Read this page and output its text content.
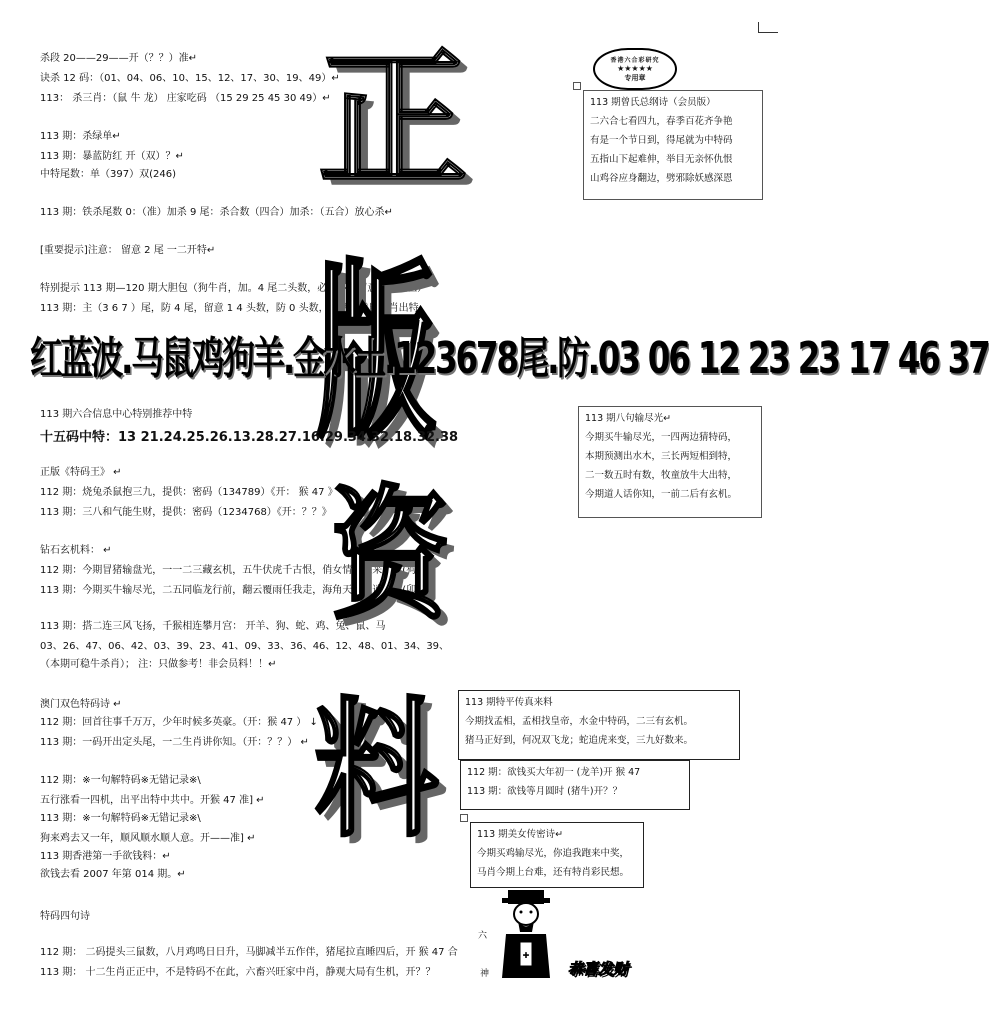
杀段 20——29——开（？？）准↵
诀杀 12 码：（01、04、06、10、15、12、17、30、19、49）↵
113： 杀三肖：（鼠 牛 龙） 庄家吃码 （15 29 25 45 30 49）↵
113 期：杀绿单↵
113 期：暴蓝防红 开（双）？↵
中特尾数：单（397）双(246)
113 期：铁杀尾数 0：（准）加杀 9 尾：杀合数（四合）加杀：（五合）放心杀↵
[重要提示]注意： 留意 2 尾 一二开特↵
特别提示 113 期—120 期大胆包（狗牛肖，加。4 尾二头数，必开多期留意六合数值）
113 期：主（3 6 7 ）尾，防 4 尾，留意 1 4 头数，防 0 头数，今期留意鼠牛肖出特
113 期六合信息中心特别推荐中特
正版《特码王》 ↵
112 期：烧兔杀鼠抱三九，提供：密码（134789）《开： 猴 47 》
113 期：三八和气能生财，提供：密码（1234768）《开：？？》
钻石玄机料： ↵
112 期：今期冒猪输盘光，一一二三藏玄机，五牛伏虎千古恨，俏女情猪怨来吗。(狗)↵
113 期：今期买牛输尽光，二五同临龙行前，翻云覆雨任我走，海角天涯由逍遥。(卯)
113 期：搭二连三风飞扬，千猴相连攀月宫： 开羊、狗、蛇、鸡、兔、鼠、马
03、26、47、06、42、03、39、23、41、09、33、36、46、12、48、01、34、39、
（本期可稳牛杀肖）； 注：只做参考！非会员料！！↵
澳门双色特码诗 ↵
112 期：回首往事千万万，少年时候多英豪。（开：猴 47 ） ↓
113 期：一码开出定头尾，一二生肖讲你知。（开：？？） ↵
112 期：※一句解特码※无错记录※\
五行涨看一四机，出平出特中共中。开猴 47 准] ↵
113 期：※一句解特码※无错记录※\
狗来鸡去又一年，顺风顺水顺人意。开——准] ↵
113 期香港第一手欲钱料：↵
欲钱去看 2007 年第 014 期。↵
特码四句诗
112 期： 二码提头三鼠数，八月鸡鸣日日升，马脚减半五作伴，猪尾拉直睡四后，开 猴 47 合
113 期： 十二生肖正正中，不是特码不在此，六畜兴旺家中肖，静观大局有生机，开？？
正
版
资
料
红蓝波.马鼠鸡狗羊.金水土.123678尾.防.03 06 12 23 23 17 46 37
十五码中特：13 21.24.25.26.13.28.27.16.29.34.32.18.32.38
香港六合彩研究
★★★★★
专用章
113 期曾氏总纲诗（会员版）
二六合七看四九，春季百花齐争艳
有是一个节日到，得尾就为中特码
五指山下起难伸，举目无亲怀仇恨
山鸡谷应身翻边，劈邪除妖感深恩
113 期八句输尽光↵
今期买牛输尽光，一四两边猜特码，
本期预测出水木，三长两短相到特，
二一数五时有数，牧童放牛大出特，
今期道人话你知，一前二后有玄机。
113 期特平传真来料
今期找孟相，孟相找皇帝，水金中特码，二三有玄机。
猪马正好到，何况双飞龙；蛇追虎来变，三九好数来。
112 期：欲钱买大年初一 (龙羊)开 猴 47
113 期：欲钱等月圆时 (猪牛)开？？
113 期美女传密诗↵
今期买鸡输尽光，你追我跑来中奖，
马肖今期上台难，还有特肖彩民想。
六
神
✚
恭喜发财
